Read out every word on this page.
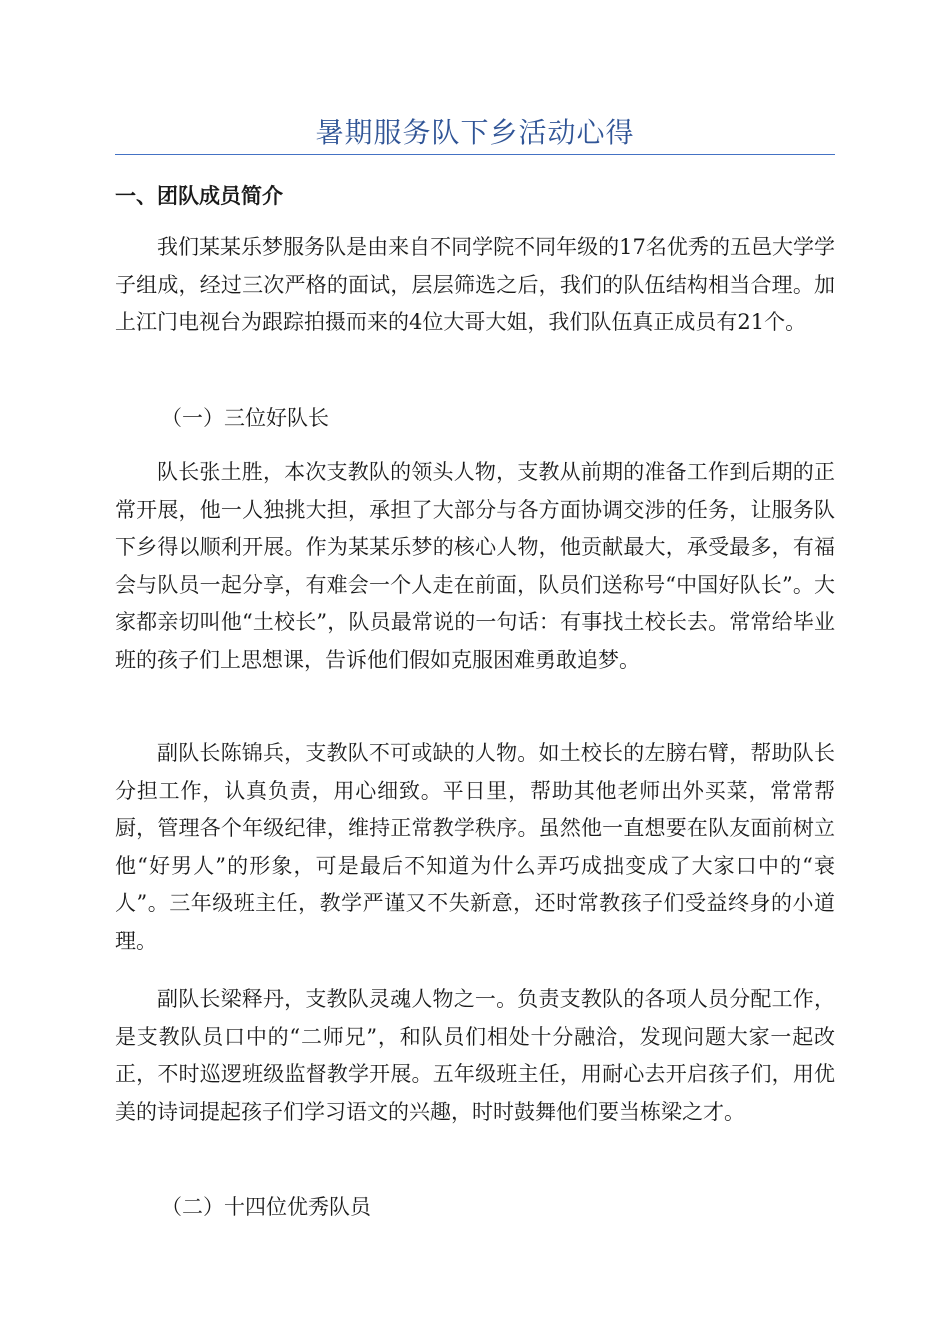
暑期服务队下乡活动心得
一、团队成员简介

我们某某乐梦服务队是由来自不同学院不同年级的17名优秀的五邑大学学子组成，经过三次严格的面试，层层筛选之后，我们的队伍结构相当合理。加上江门电视台为跟踪拍摄而来的4位大哥大姐，我们队伍真正成员有21个。

（一）三位好队长

队长张土胜，本次支教队的领头人物，支教从前期的准备工作到后期的正常开展，他一人独挑大担，承担了大部分与各方面协调交涉的任务，让服务队下乡得以顺利开展。作为某某乐梦的核心人物，他贡献最大，承受最多，有福会与队员一起分享，有难会一个人走在前面，队员们送称号“中国好队长”。大家都亲切叫他“土校长”，队员最常说的一句话：有事找土校长去。常常给毕业班的孩子们上思想课，告诉他们假如克服困难勇敢追梦。

副队长陈锦兵，支教队不可或缺的人物。如土校长的左膀右臂，帮助队长分担工作，认真负责，用心细致。平日里，帮助其他老师出外买菜，常常帮厨，管理各个年级纪律，维持正常教学秩序。虽然他一直想要在队友面前树立他“好男人”的形象，可是最后不知道为什么弄巧成拙变成了大家口中的“衰人”。三年级班主任，教学严谨又不失新意，还时常教孩子们受益终身的小道理。

副队长梁释丹，支教队灵魂人物之一。负责支教队的各项人员分配工作，是支教队员口中的“二师兄”，和队员们相处十分融洽，发现问题大家一起改正，不时巡逻班级监督教学开展。五年级班主任，用耐心去开启孩子们，用优美的诗词提起孩子们学习语文的兴趣，时时鼓舞他们要当栋梁之才。

（二）十四位优秀队员
